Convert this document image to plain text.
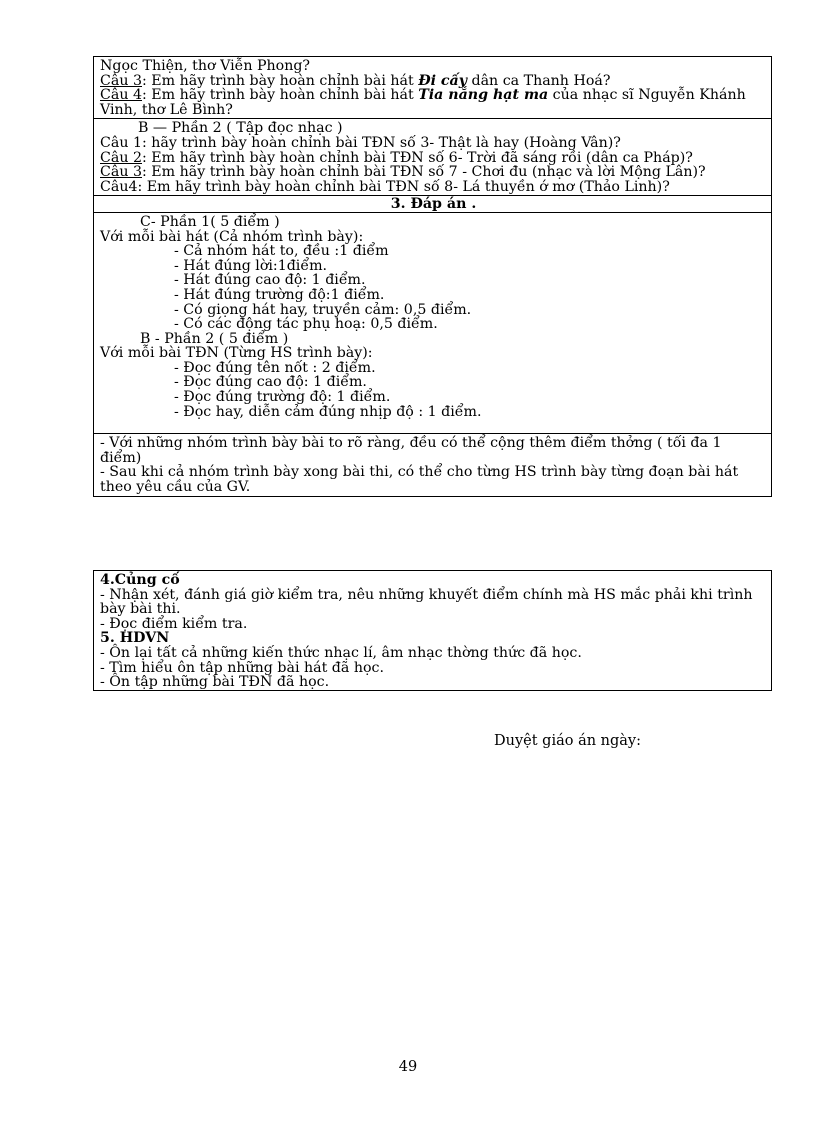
Ngọc Thiện, thơ Viễn Phong?
Câu 3: Em hãy trình bày hoàn chỉnh bài hát Đi cấy dân ca Thanh Hoá?
Câu 4: Em hãy trình bày hoàn chỉnh bài hát Tia nắng hạt ma của nhạc sĩ Nguyễn Khánh Vinh, thơ Lê Bình?
B — Phần 2 ( Tập đọc nhạc )
Câu 1: hãy trình bày hoàn chỉnh bài TĐN số 3- Thật là hay (Hoàng Vân)?
Câu 2: Em hãy trình bày hoàn chỉnh bài TĐN số 6- Trời đã sáng rồi (dân ca Pháp)?
Câu 3: Em hãy trình bày hoàn chỉnh bài TĐN số 7 - Chơi đu (nhạc và lời Mộng Lân)?
Câu4: Em hãy trình bày hoàn chỉnh bài TĐN số 8- Lá thuyền ớ mơ (Thảo Linh)?
3. Đáp án .
C- Phần 1( 5 điểm )
Với mỗi bài hát (Cả nhóm trình bày):
- Cả nhóm hát to, đều :1 điểm
- Hát đúng lời:1điểm.
- Hát đúng cao độ: 1 điểm.
- Hát đúng trường độ:1 điểm.
- Có giọng hát hay, truyền cảm: 0,5 điểm.
- Có các động tác phụ hoạ: 0,5 điểm.
B - Phần 2 ( 5 điểm )
Với mỗi bài TĐN (Từng HS trình bày):
- Đọc đúng tên nốt : 2 điểm.
- Đọc đúng cao độ: 1 điểm.
- Đọc đúng trường độ: 1 điểm.
- Đọc hay, diễn cảm đúng nhịp độ : 1 điểm.
- Với những nhóm trình bày bài to rõ ràng, đều có thể cộng thêm điểm thởng ( tối đa 1 điểm)
- Sau khi cả nhóm trình bày xong bài thi, có thể cho từng HS trình bày từng đoạn bài hát theo yêu cầu của GV.
4.Củng cố
- Nhận xét, đánh giá giờ kiểm tra, nêu những khuyết điểm chính mà HS mắc phải khi trình bày bài thi.
- Đọc điểm kiểm tra.
5. HDVN
- Ôn lại tất cả những kiến thức nhạc lí, âm nhạc thờng thức đã học.
- Tìm hiểu ôn tập những bài hát đã học.
- Ôn tập những bài TĐN đã học.
Duyệt giáo án ngày:
49
